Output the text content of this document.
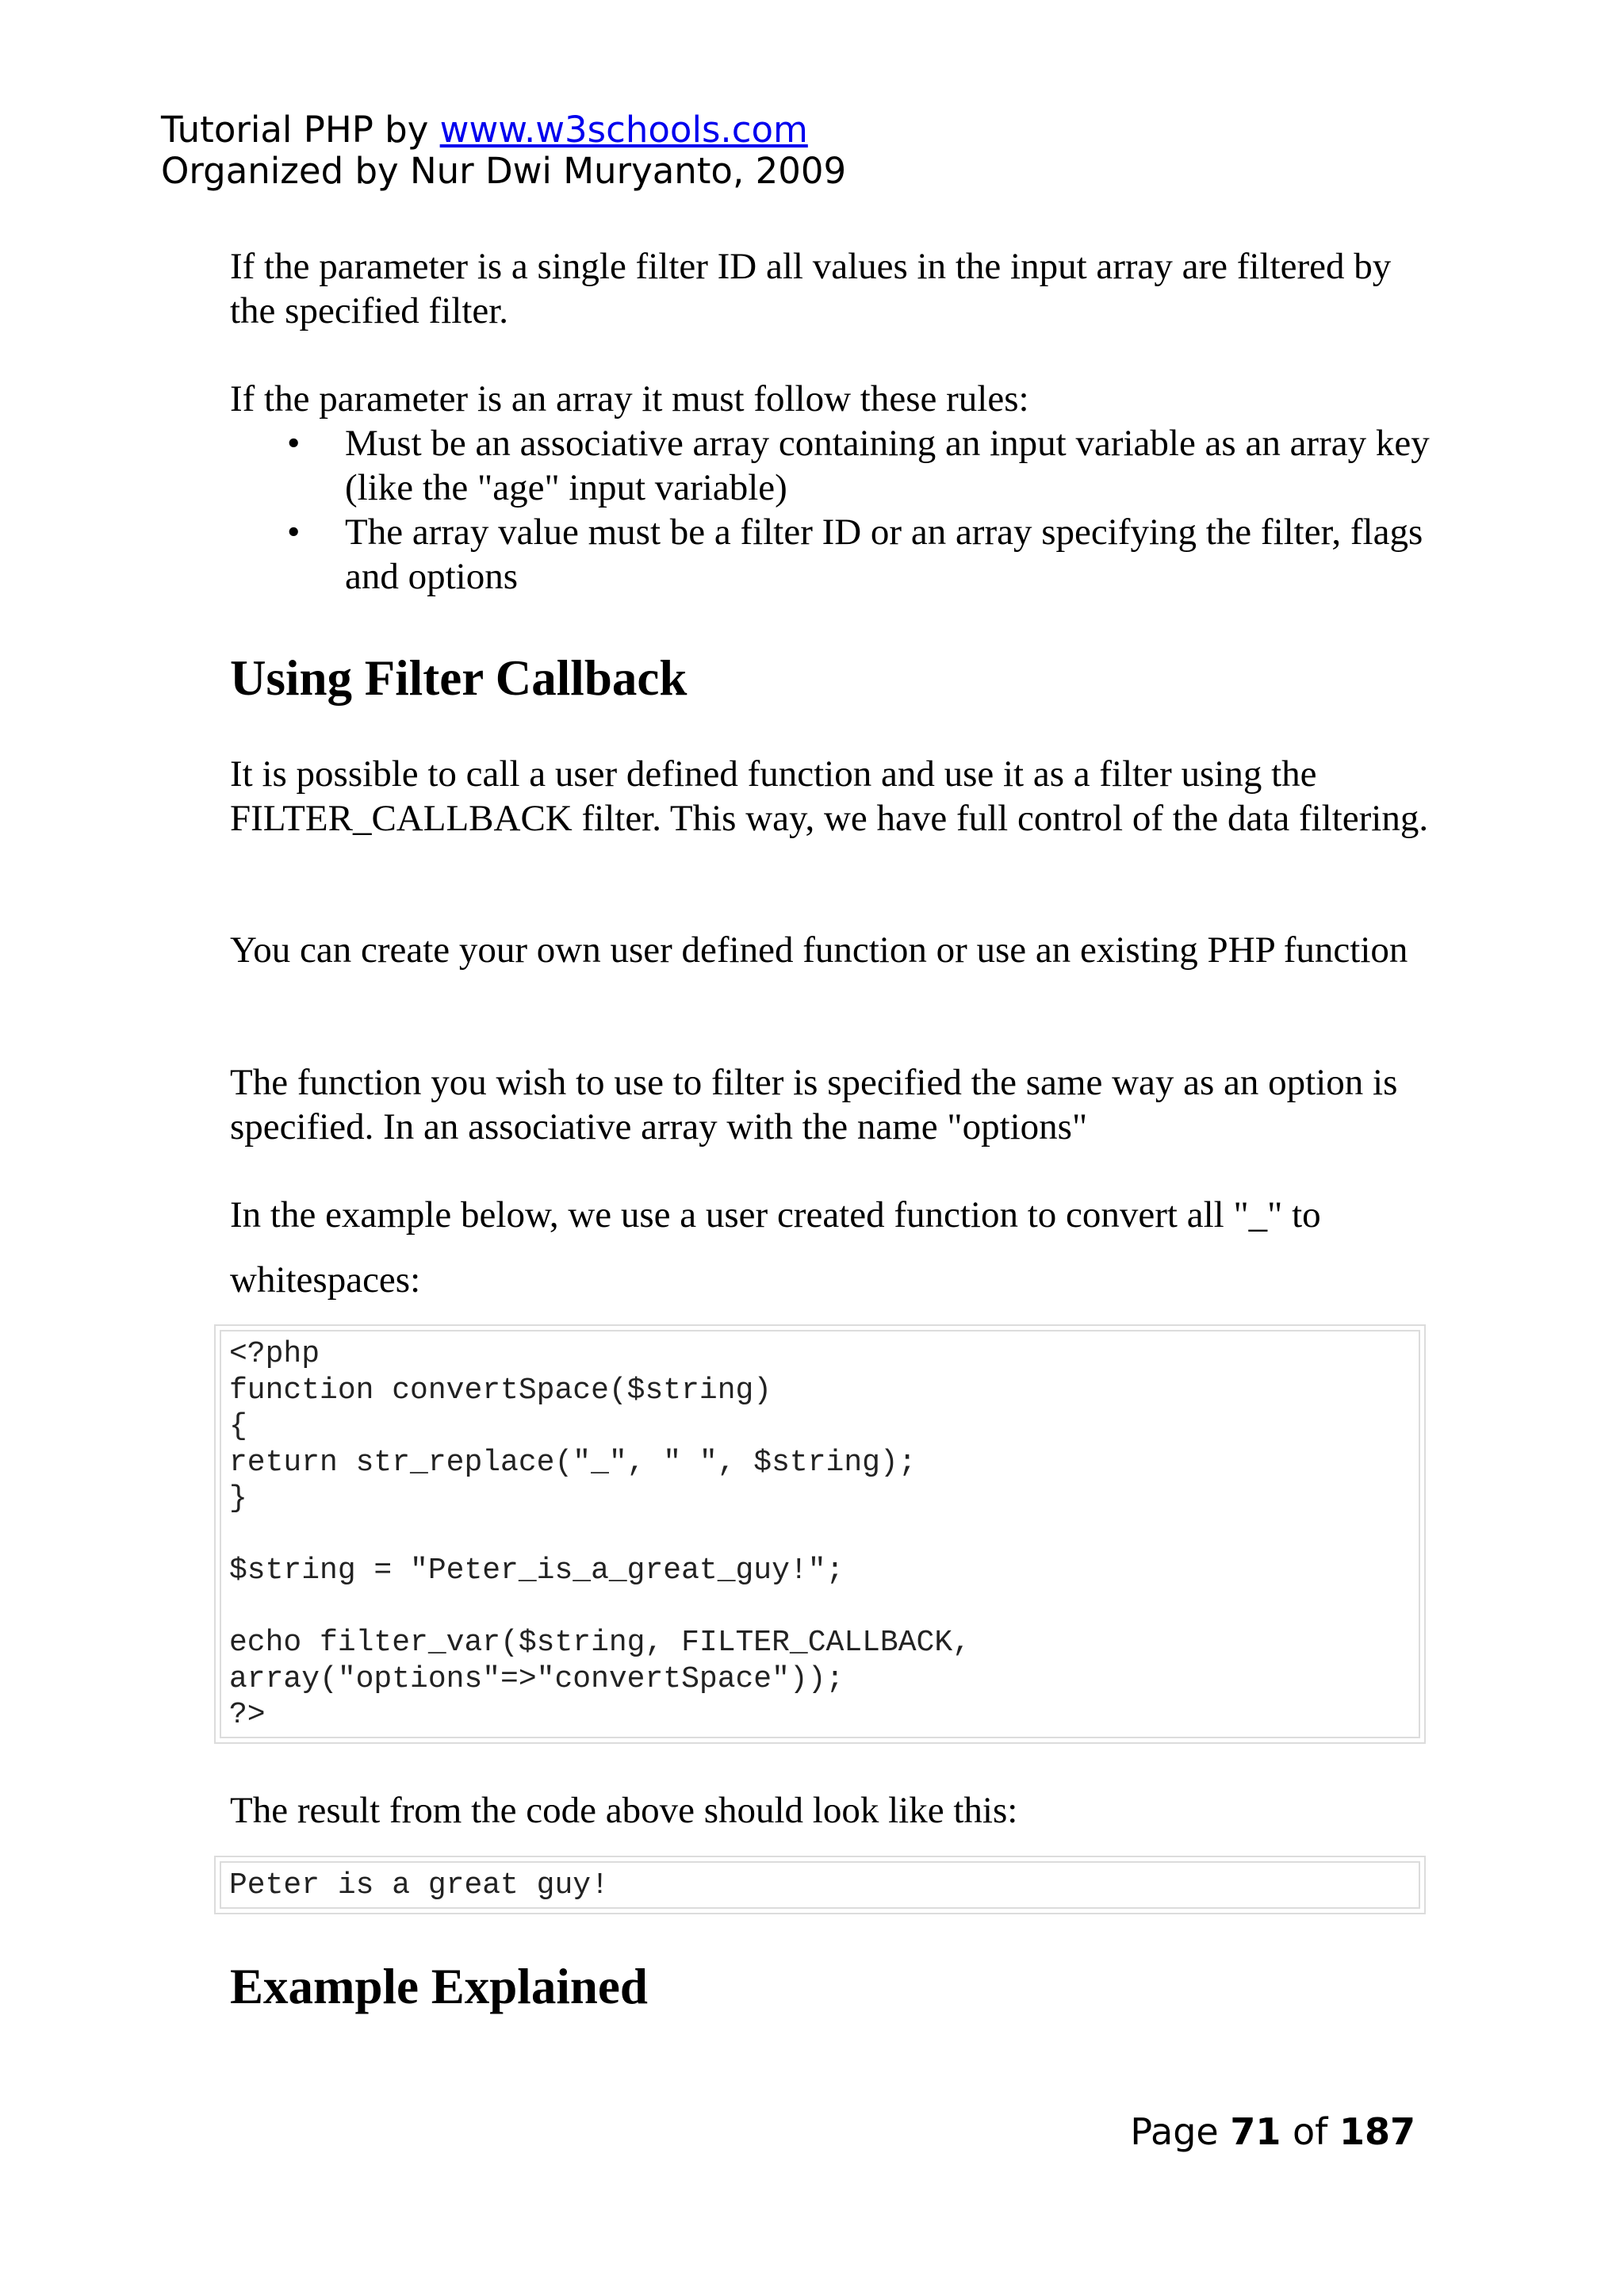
Tutorial PHP by www.w3schools.com
Organized by Nur Dwi Muryanto, 2009

If the parameter is a single filter ID all values in the input array are filtered by the specified filter.

If the parameter is an array it must follow these rules:

• Must be an associative array containing an input variable as an array key (like the "age" input variable)
• The array value must be a filter ID or an array specifying the filter, flags and options
Using Filter Callback

It is possible to call a user defined function and use it as a filter using the FILTER_CALLBACK filter. This way, we have full control of the data filtering.

You can create your own user defined function or use an existing PHP function

The function you wish to use to filter is specified the same way as an option is specified. In an associative array with the name "options"

In the example below, we use a user created function to convert all "_" to
whitespaces:

<?php
function convertSpace($string)
{
return str_replace("_", " ", $string);
}

$string = "Peter_is_a_great_guy!";

echo filter_var($string, FILTER_CALLBACK,
array("options"=>"convertSpace"));
?>

The result from the code above should look like this:

Peter is a great guy!
Example Explained
Page 71 of 187
